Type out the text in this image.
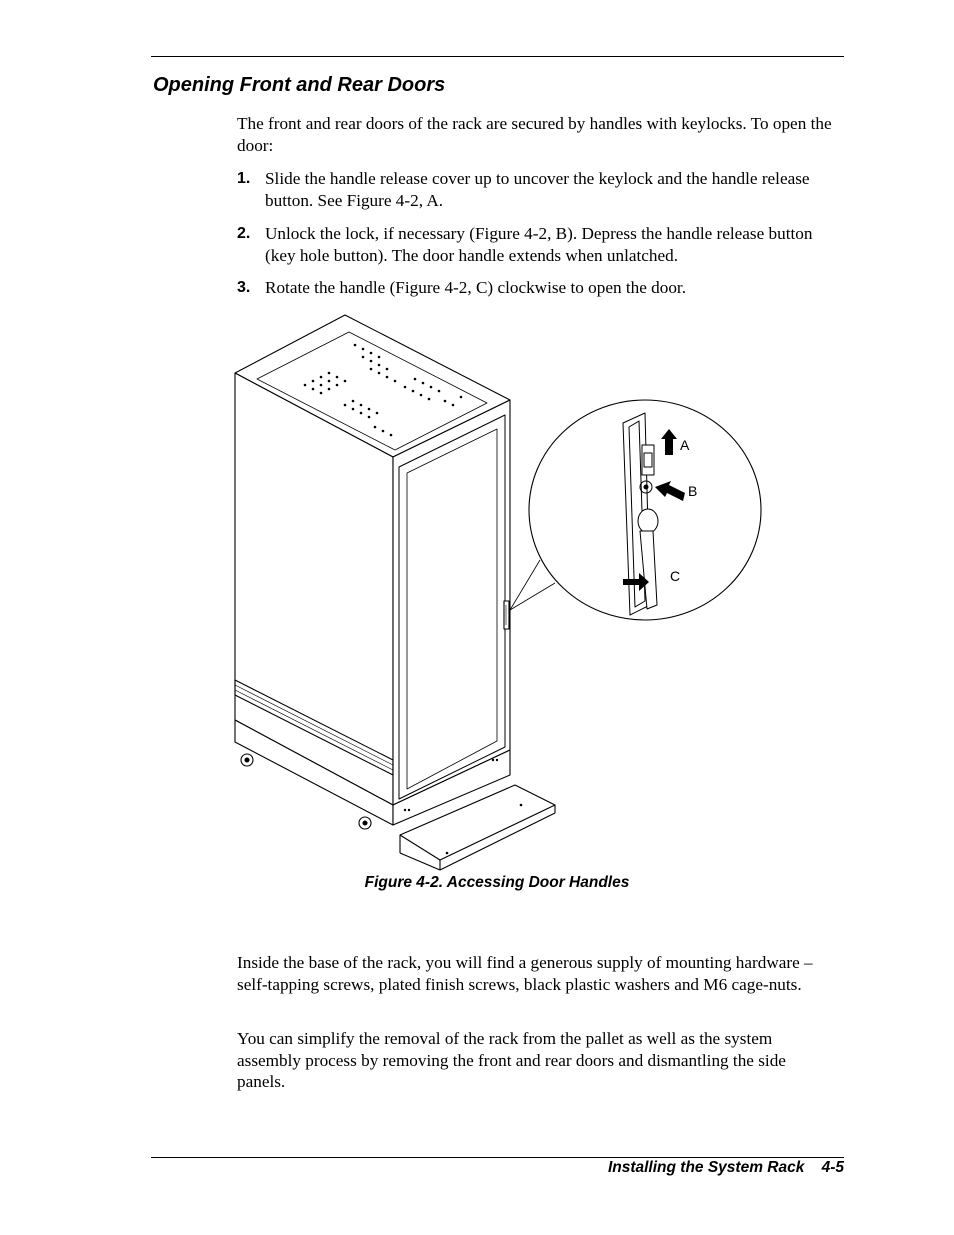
Opening Front and Rear Doors

The front and rear doors of the rack are secured by handles with keylocks. To open the door:

1. Slide the handle release cover up to uncover the keylock and the handle release button. See Figure 4-2, A.
2. Unlock the lock, if necessary (Figure 4-2, B). Depress the handle release button (key hole button). The door handle extends when unlatched.
3. Rotate the handle (Figure 4-2, C) clockwise to open the door.
A
B
C
Figure 4-2. Accessing Door Handles

Inside the base of the rack, you will find a generous supply of mounting hardware – self-tapping screws, plated finish screws, black plastic washers and M6 cage-nuts.

You can simplify the removal of the rack from the pallet as well as the system assembly process by removing the front and rear doors and dismantling the side panels.

Installing the System Rack 4-5
